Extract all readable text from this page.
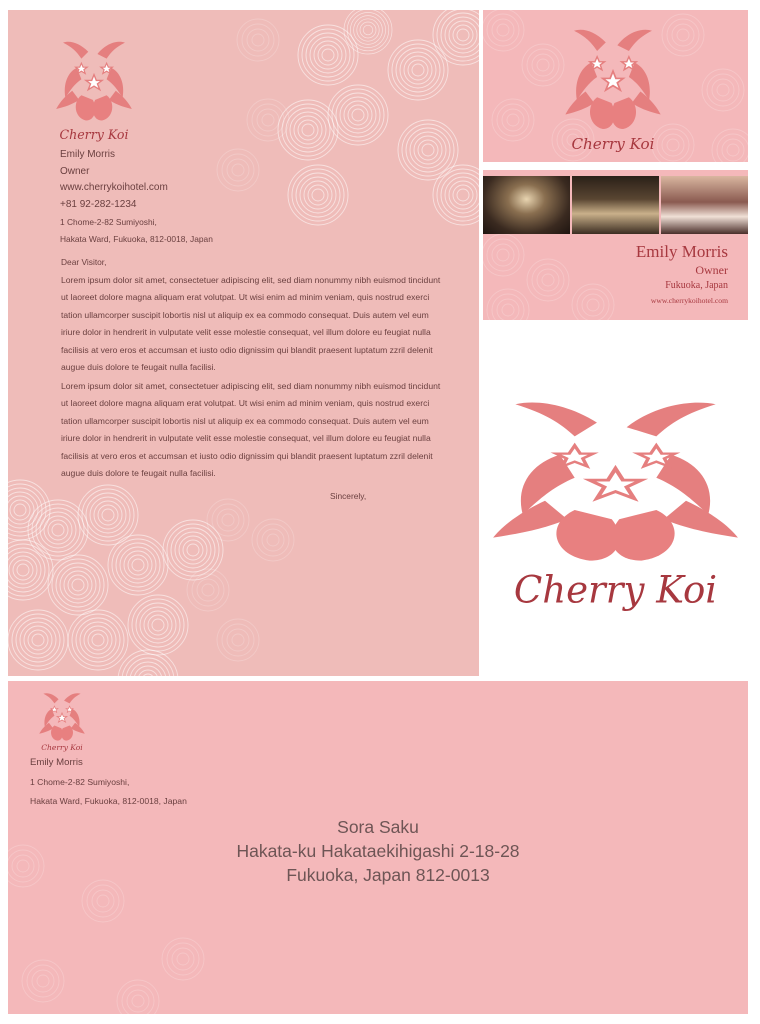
Cherry Koi
Emily Morris
Owner
www.cherrykoihotel.com
+81 92-282-1234
1 Chome-2-82 Sumiyoshi,
Hakata Ward, Fukuoka, 812-0018, Japan
Dear Visitor,
Lorem ipsum dolor sit amet, consectetuer adipiscing elit, sed diam nonummy nibh euismod tincidunt ut laoreet dolore magna aliquam erat volutpat. Ut wisi enim ad minim veniam, quis nostrud exerci tation ullamcorper suscipit lobortis nisl ut aliquip ex ea commodo consequat. Duis autem vel eum iriure dolor in hendrerit in vulputate velit esse molestie consequat, vel illum dolore eu feugiat nulla facilisis at vero eros et accumsan et iusto odio dignissim qui blandit praesent luptatum zzril delenit augue duis dolore te feugait nulla facilisi.
Lorem ipsum dolor sit amet, consectetuer adipiscing elit, sed diam nonummy nibh euismod tincidunt ut laoreet dolore magna aliquam erat volutpat. Ut wisi enim ad minim veniam, quis nostrud exerci tation ullamcorper suscipit lobortis nisl ut aliquip ex ea commodo consequat. Duis autem vel eum iriure dolor in hendrerit in vulputate velit esse molestie consequat, vel illum dolore eu feugiat nulla facilisis at vero eros et accumsan et iusto odio dignissim qui blandit praesent luptatum zzril delenit augue duis dolore te feugait nulla facilisi.
Sincerely,
Cherry Koi
Emily Morris
Owner
Fukuoka, Japan
www.cherrykoihotel.com
Cherry Koi
Cherry Koi
Emily Morris
1 Chome-2-82 Sumiyoshi,
Hakata Ward, Fukuoka, 812-0018, Japan
Sora Saku
Hakata-ku Hakataekihigashi 2-18-28
Fukuoka, Japan 812-0013
